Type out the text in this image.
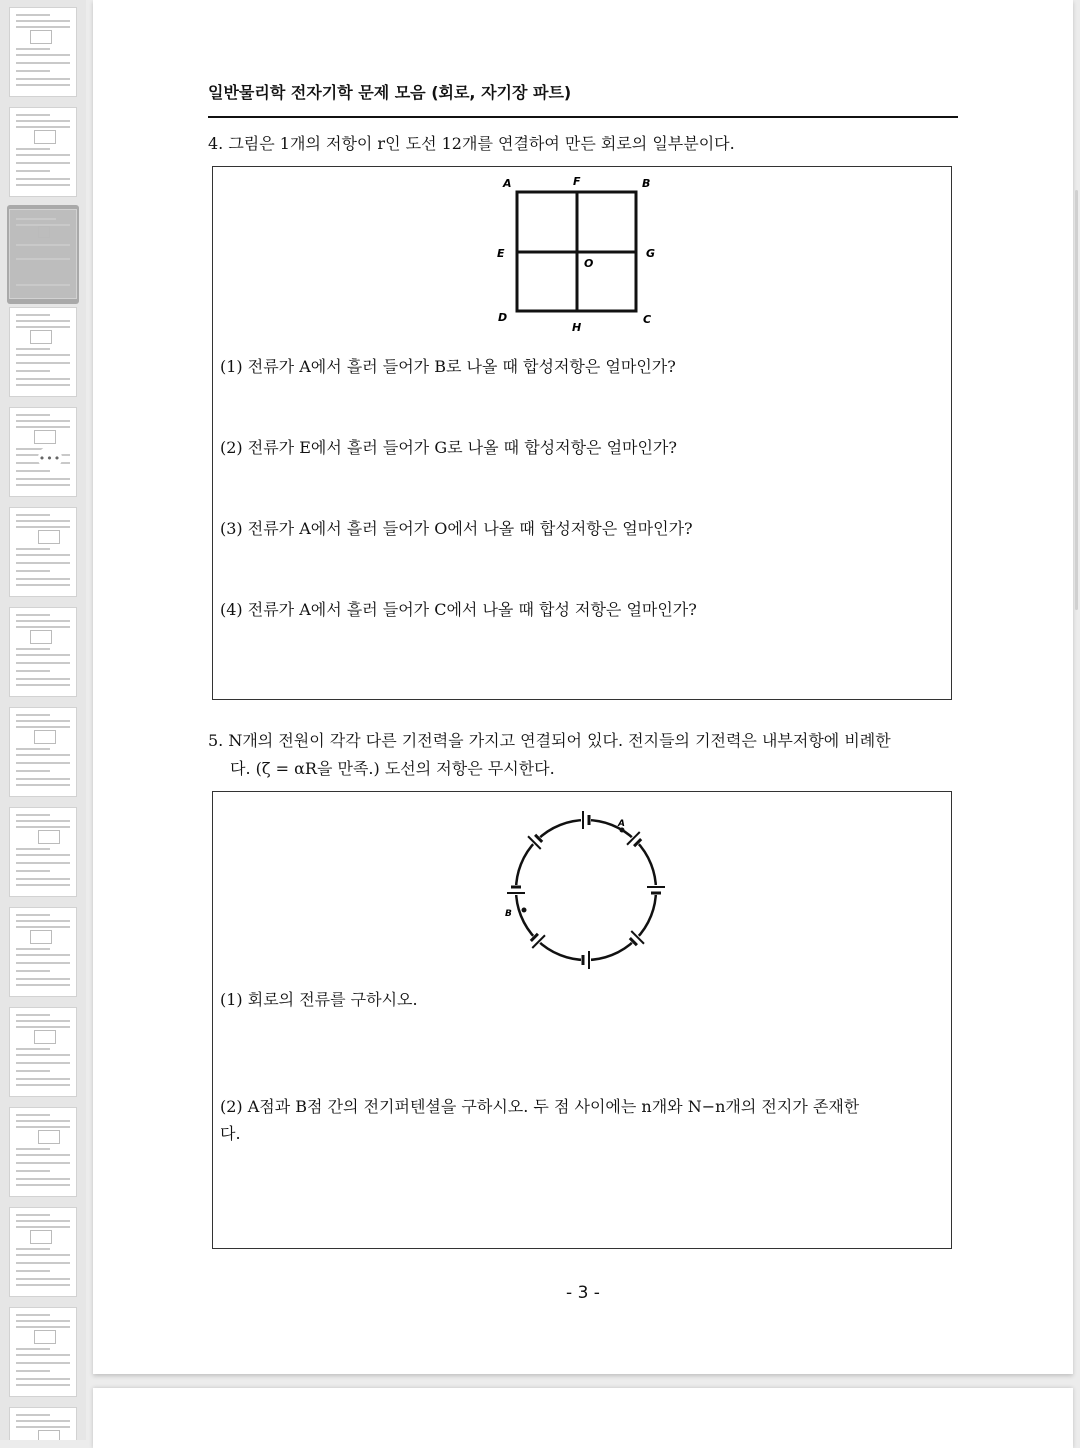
•••
일반물리학 전자기학 문제 모음 (회로, 자기장 파트)
4. 그림은 1개의 저항이 r인 도선 12개를 연결하여 만든 회로의 일부분이다.
A	F	B
E
O
G
D
H
C
(1) 전류가 A에서 흘러 들어가 B로 나올 때 합성저항은 얼마인가?
(2) 전류가 E에서 흘러 들어가 G로 나올 때 합성저항은 얼마인가?
(3) 전류가 A에서 흘러 들어가 O에서 나올 때 합성저항은 얼마인가?
(4) 전류가 A에서 흘러 들어가 C에서 나올 때 합성 저항은 얼마인가?
5. N개의 전원이 각각 다른 기전력을 가지고 연결되어 있다. 전지들의 기전력은 내부저항에 비례한
다. (ζ = αR을 만족.) 도선의 저항은 무시한다.
A
B
(1) 회로의 전류를 구하시오.
(2) A점과 B점 간의 전기퍼텐셜을 구하시오. 두 점 사이에는 n개와 N−n개의 전지가 존재한
다.
- 3 -
